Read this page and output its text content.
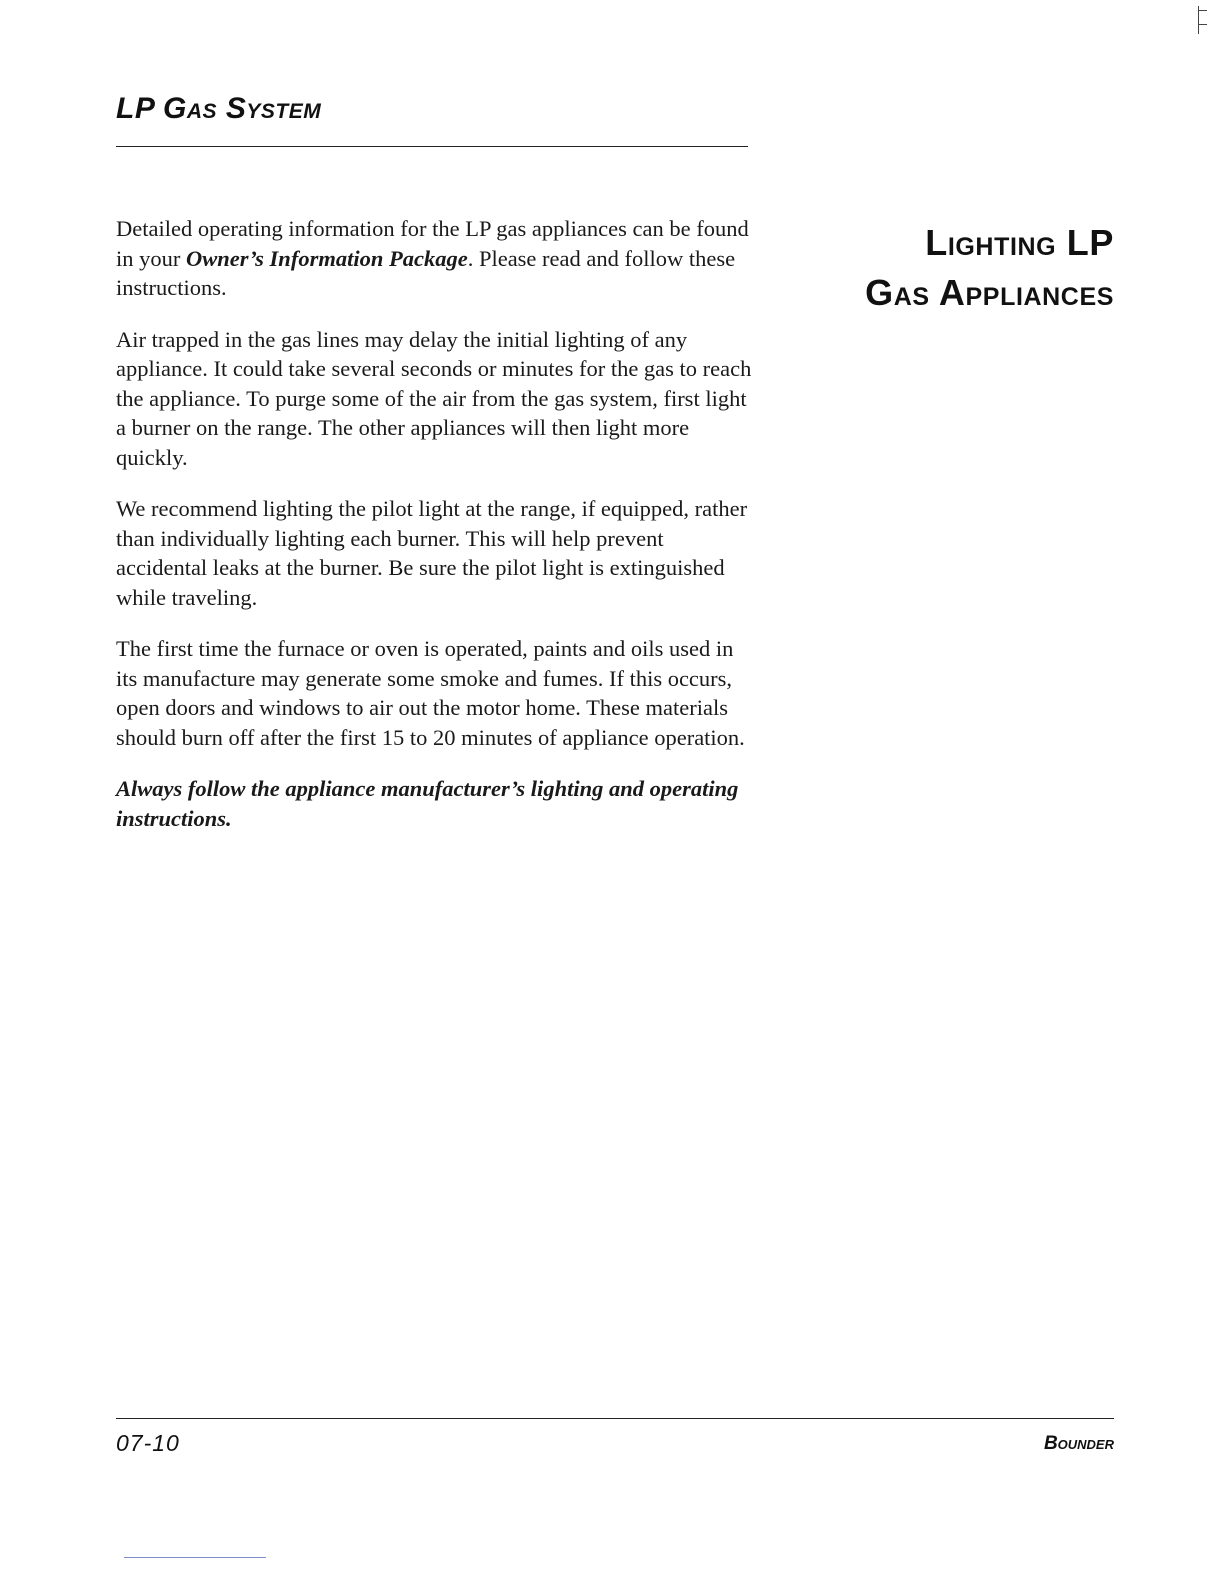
LP Gas System

Detailed operating information for the LP gas appliances can be found in your Owner’s Information Package. Please read and follow these instructions.

Air trapped in the gas lines may delay the initial lighting of any appliance. It could take several seconds or minutes for the gas to reach the appliance. To purge some of the air from the gas system, first light a burner on the range. The other appliances will then light more quickly.

We recommend lighting the pilot light at the range, if equipped, rather than individually lighting each burner. This will help prevent accidental leaks at the burner. Be sure the pilot light is extinguished while traveling.

The first time the furnace or oven is operated, paints and oils used in its manufacture may generate some smoke and fumes. If this occurs, open doors and windows to air out the motor home. These materials should burn off after the first 15 to 20 minutes of appliance operation.

Always follow the appliance manufacturer’s lighting and operating instructions.

Lighting LP
Gas Appliances
07-10	Bounder
